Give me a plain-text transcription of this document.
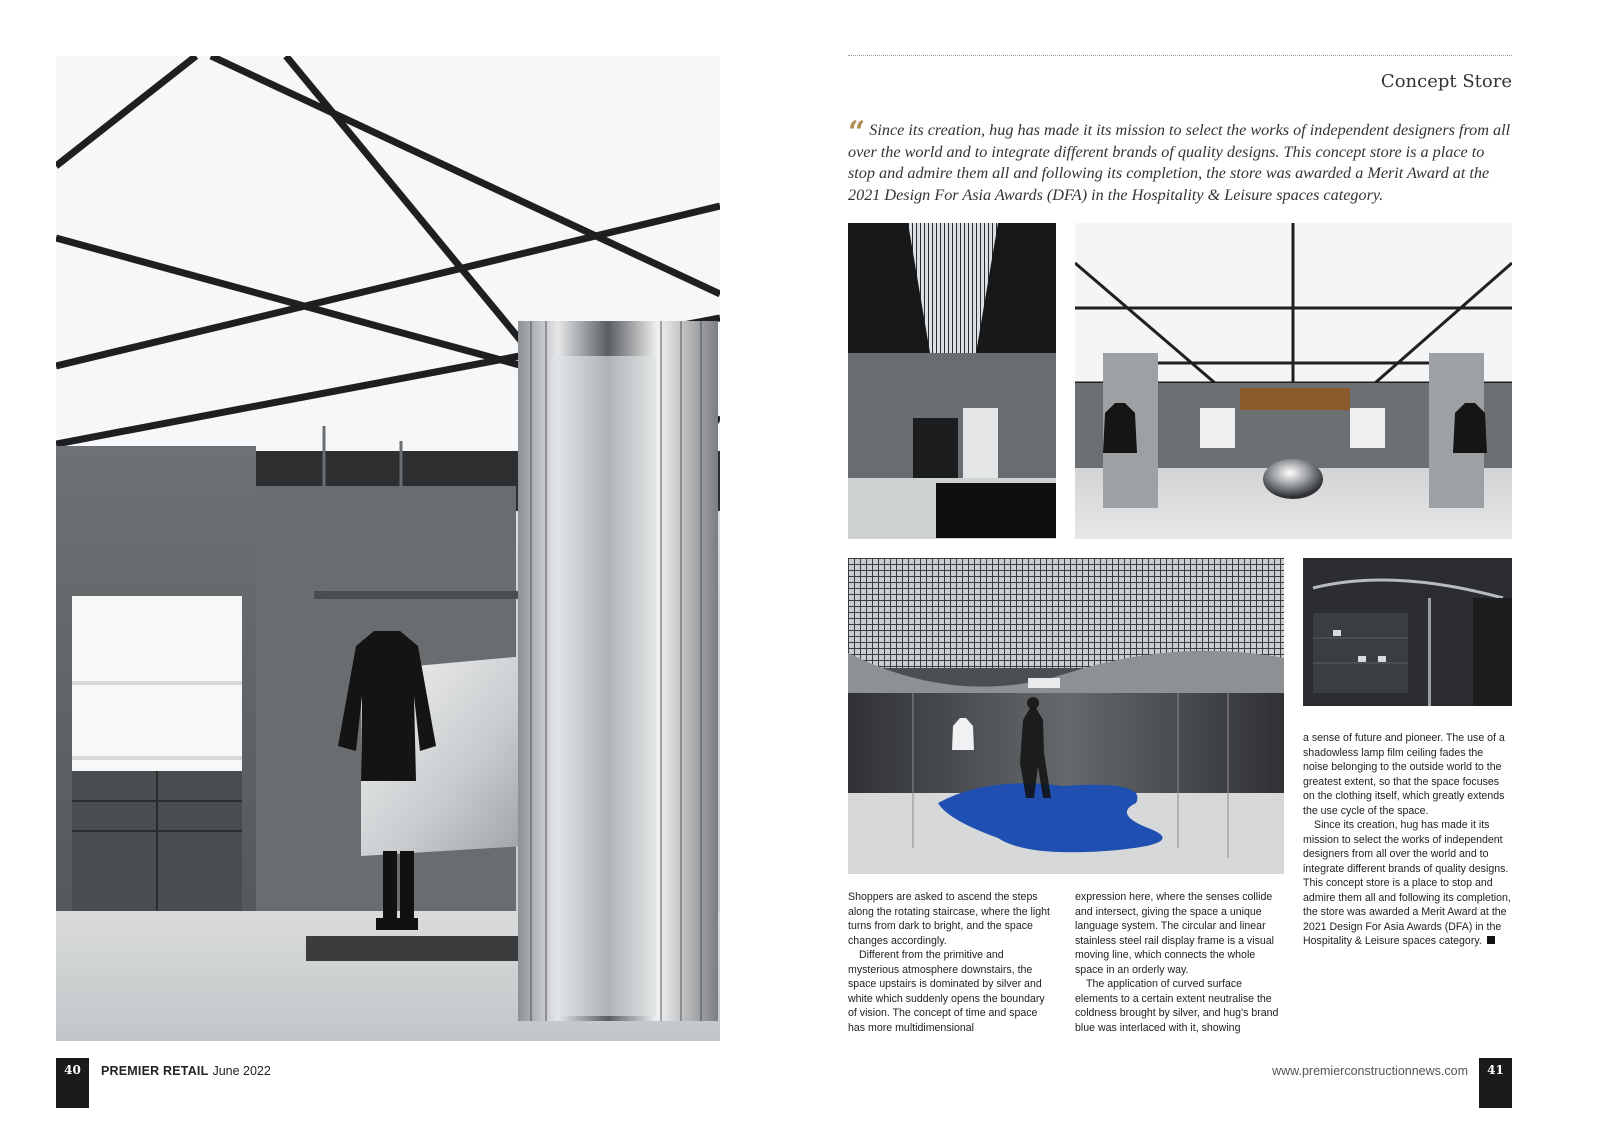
40	PREMIER RETAIL June 2022
Concept Store
“ Since its creation, hug has made it its mission to select the works of independent designers from all over the world and to integrate different brands of quality designs. This concept store is a place to stop and admire them all and following its completion, the store was awarded a Merit Award at the 2021 Design For Asia Awards (DFA) in the Hospitality & Leisure spaces category.

Shoppers are asked to ascend the steps along the rotating staircase, where the light turns from dark to bright, and the space changes accordingly.

Different from the primitive and mysterious atmosphere downstairs, the space upstairs is dominated by silver and white which suddenly opens the boundary of vision. The concept of time and space has more multidimensional

expression here, where the senses collide and intersect, giving the space a unique language system. The circular and linear stainless steel rail display frame is a visual moving line, which connects the whole space in an orderly way.

The application of curved surface elements to a certain extent neutralise the coldness brought by silver, and hug's brand blue was interlaced with it, showing

a sense of future and pioneer. The use of a shadowless lamp film ceiling fades the noise belonging to the outside world to the greatest extent, so that the space focuses on the clothing itself, which greatly extends the use cycle of the space.

Since its creation, hug has made it its mission to select the works of independent designers from all over the world and to integrate different brands of quality designs. This concept store is a place to stop and admire them all and following its completion, the store was awarded a Merit Award at the 2021 Design For Asia Awards (DFA) in the Hospitality & Leisure spaces category.

www.premierconstructionnews.com	41
